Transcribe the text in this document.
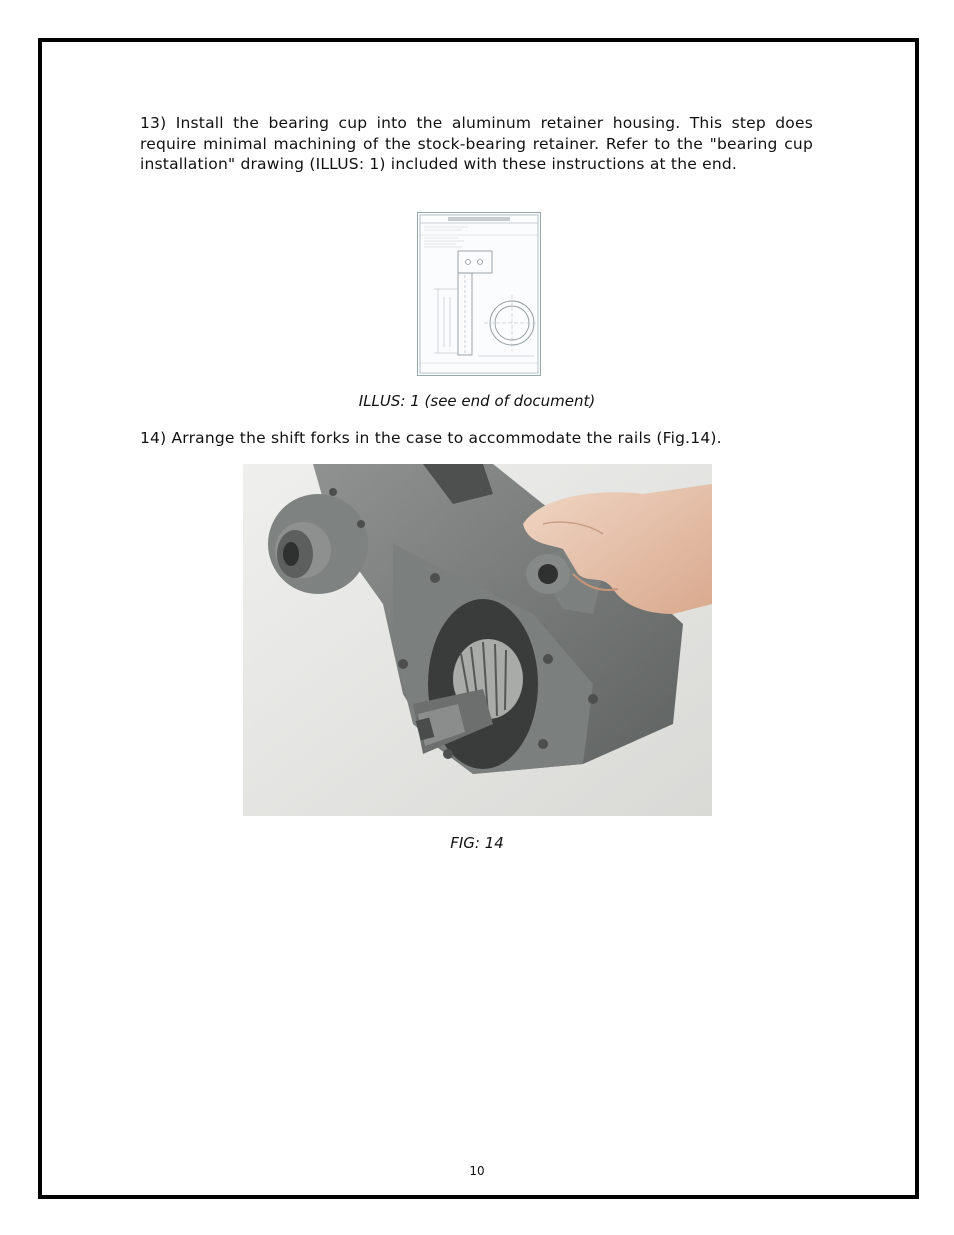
13) Install the bearing cup into the aluminum retainer housing. This step does require minimal machining of the stock-bearing retainer. Refer to the "bearing cup installation" drawing (ILLUS: 1) included with these instructions at the end.
ILLUS: 1 (see end of document)
14) Arrange the shift forks in the case to accommodate the rails (Fig.14).
FIG: 14
10
